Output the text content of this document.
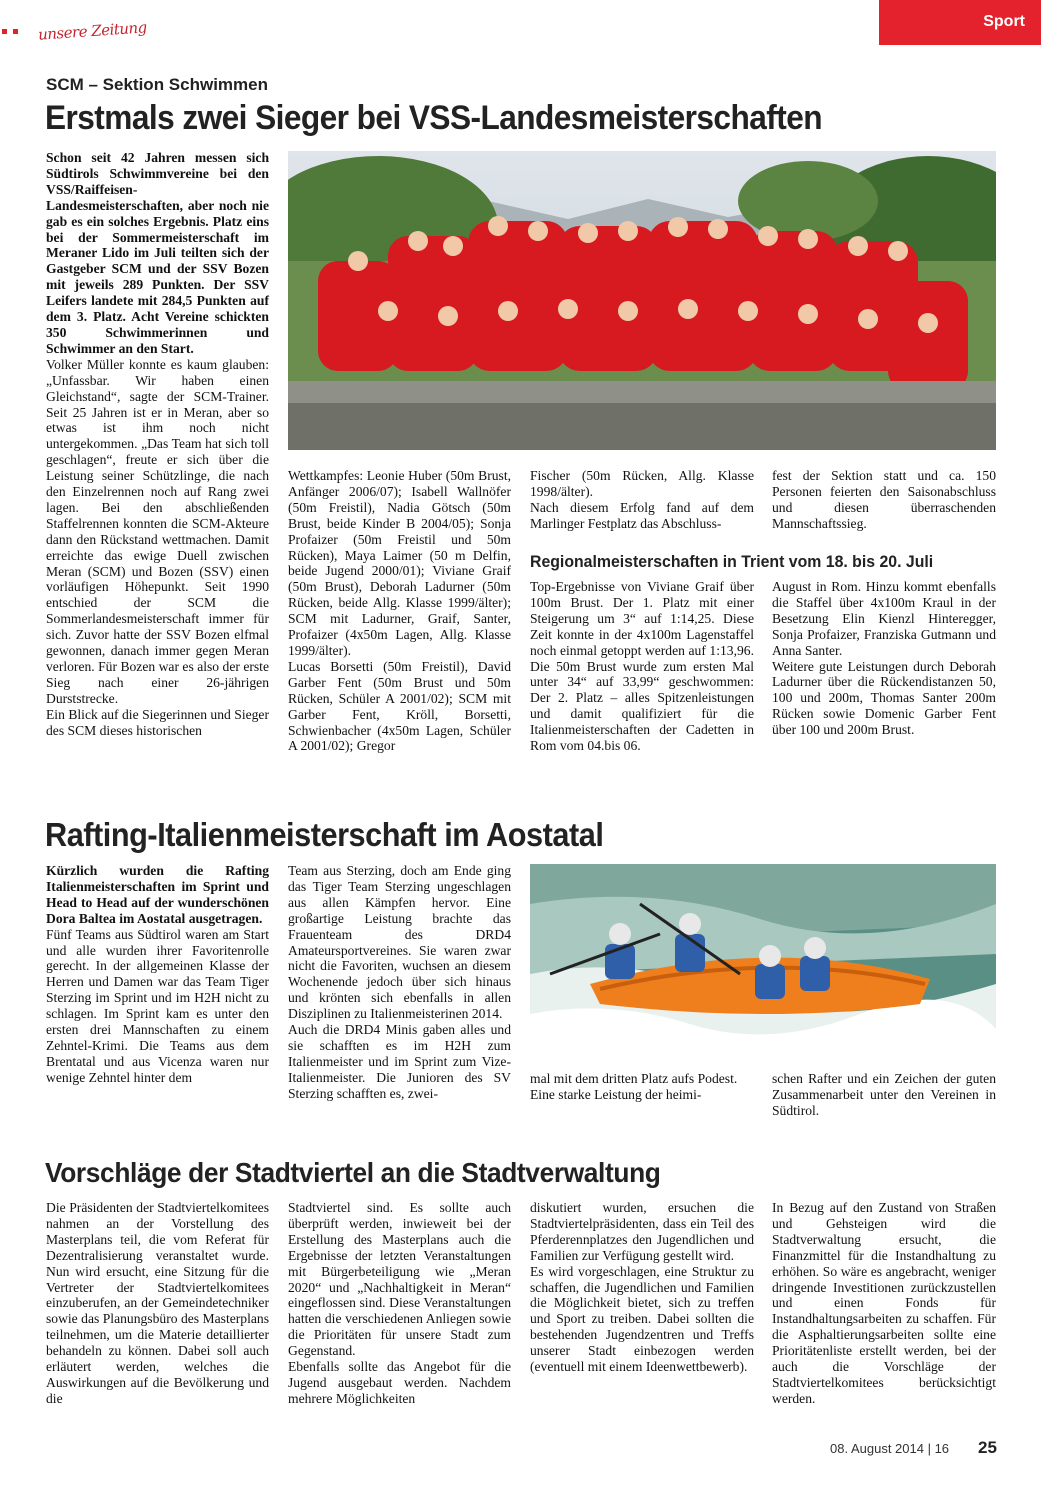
unsere Zeitung	Sport
SCM – Sektion Schwimmen
Erstmals zwei Sieger bei VSS-Landesmeisterschaften

Schon seit 42 Jahren messen sich Südtirols Schwimmvereine bei den VSS/Raiffeisen- Landesmeisterschaften, aber noch nie gab es ein solches Ergebnis. Platz eins bei der Sommermeisterschaft im Meraner Lido im Juli teilten sich der Gastgeber SCM und der SSV Bozen mit jeweils 289 Punkten. Der SSV Leifers landete mit 284,5 Punkten auf dem 3. Platz. Acht Vereine schickten 350 Schwimmerinnen und Schwimmer an den Start.

Volker Müller konnte es kaum glauben: „Unfassbar. Wir haben einen Gleichstand“, sagte der SCM-Trainer. Seit 25 Jahren ist er in Meran, aber so etwas ist ihm noch nicht untergekommen. „Das Team hat sich toll geschlagen“, freute er sich über die Leistung seiner Schützlinge, die nach den Einzelrennen noch auf Rang zwei lagen. Bei den abschließenden Staffelrennen konnten die SCM-Akteure dann den Rückstand wettmachen. Damit erreichte das ewige Duell zwischen Meran (SCM) und Bozen (SSV) einen vorläufigen Höhepunkt. Seit 1990 entschied der SCM die Sommerlandesmeisterschaft immer für sich. Zuvor hatte der SSV Bozen elfmal gewonnen, danach immer gegen Meran verloren. Für Bozen war es also der erste Sieg nach einer 26-jährigen Durststrecke.

Ein Blick auf die Siegerinnen und Sieger des SCM dieses historischen

Wettkampfes: Leonie Huber (50m Brust, Anfänger 2006/07); Isabell Wallnöfer (50m Freistil), Nadia Götsch (50m Brust, beide Kinder B 2004/05); Sonja Profaizer (50m Freistil und 50m Rücken), Maya Laimer (50 m Delfin, beide Jugend 2000/01); Viviane Graif (50m Brust), Deborah Ladurner (50m Rücken, beide Allg. Klasse 1999/älter); SCM mit Ladurner, Graif, Santer, Profaizer (4x50m Lagen, Allg. Klasse 1999/älter).

Lucas Borsetti (50m Freistil), David Garber Fent (50m Brust und 50m Rücken, Schüler A 2001/02); SCM mit Garber Fent, Kröll, Borsetti, Schwienbacher (4x50m Lagen, Schüler A 2001/02); Gregor

Fischer (50m Rücken, Allg. Klasse 1998/älter).

Nach diesem Erfolg fand auf dem Marlinger Festplatz das Abschluss-

fest der Sektion statt und ca. 150 Personen feierten den Saisonabschluss und diesen überraschenden Mannschaftssieg.

Regionalmeisterschaften in Trient vom 18. bis 20. Juli

Top-Ergebnisse von Viviane Graif über 100m Brust. Der 1. Platz mit einer Steigerung um 3“ auf 1:14,25. Diese Zeit konnte in der 4x100m Lagenstaffel noch einmal getoppt werden auf 1:13,96. Die 50m Brust wurde zum ersten Mal unter 34“ auf 33,99“ geschwommen: Der 2. Platz – alles Spitzenleistungen und damit qualifiziert für die Italienmeisterschaften der Cadetten in Rom vom 04.bis 06.

August in Rom. Hinzu kommt ebenfalls die Staffel über 4x100m Kraul in der Besetzung Elin Kienzl Hinteregger, Sonja Profaizer, Franziska Gutmann und Anna Santer.

Weitere gute Leistungen durch Deborah Ladurner über die Rückendistanzen 50, 100 und 200m, Thomas Santer 200m Rücken sowie Domenic Garber Fent über 100 und 200m Brust.

Rafting-Italienmeisterschaft im Aostatal

Kürzlich wurden die Rafting Italienmeisterschaften im Sprint und Head to Head auf der wunderschönen Dora Baltea im Aostatal ausgetragen.

Fünf Teams aus Südtirol waren am Start und alle wurden ihrer Favoritenrolle gerecht. In der allgemeinen Klasse der Herren und Damen war das Team Tiger Sterzing im Sprint und im H2H nicht zu schlagen. Im Sprint kam es unter den ersten drei Mannschaften zu einem Zehntel-Krimi. Die Teams aus dem Brentatal und aus Vicenza waren nur wenige Zehntel hinter dem

Team aus Sterzing, doch am Ende ging das Tiger Team Sterzing ungeschlagen aus allen Kämpfen hervor. Eine großartige Leistung brachte das Frauenteam des DRD4 Amateursportvereines. Sie waren zwar nicht die Favoriten, wuchsen an diesem Wochenende jedoch über sich hinaus und krönten sich ebenfalls in allen Disziplinen zu Italienmeisterinen 2014.

Auch die DRD4 Minis gaben alles und sie schafften es im H2H zum Italienmeister und im Sprint zum Vize-Italienmeister. Die Junioren des SV Sterzing schafften es, zwei-

mal mit dem dritten Platz aufs Podest.

Eine starke Leistung der heimi-

schen Rafter und ein Zeichen der guten Zusammenarbeit unter den Vereinen in Südtirol.

Vorschläge der Stadtviertel an die Stadtverwaltung

Die Präsidenten der Stadtviertelkomitees nahmen an der Vorstellung des Masterplans teil, die vom Referat für Dezentralisierung veranstaltet wurde. Nun wird ersucht, eine Sitzung für die Vertreter der Stadtviertelkomitees einzuberufen, an der Gemeindetechniker sowie das Planungsbüro des Masterplans teilnehmen, um die Materie detaillierter behandeln zu können. Dabei soll auch erläutert werden, welches die Auswirkungen auf die Bevölkerung und die

Stadtviertel sind. Es sollte auch überprüft werden, inwieweit bei der Erstellung des Masterplans auch die Ergebnisse der letzten Veranstaltungen mit Bürgerbeteiligung wie „Meran 2020“ und „Nachhaltigkeit in Meran“ eingeflossen sind. Diese Veranstaltungen hatten die verschiedenen Anliegen sowie die Prioritäten für unsere Stadt zum Gegenstand.

Ebenfalls sollte das Angebot für die Jugend ausgebaut werden. Nachdem mehrere Möglichkeiten

diskutiert wurden, ersuchen die Stadtviertelpräsidenten, dass ein Teil des Pferderennplatzes den Jugendlichen und Familien zur Verfügung gestellt wird.

Es wird vorgeschlagen, eine Struktur zu schaffen, die Jugendlichen und Familien die Möglichkeit bietet, sich zu treffen und Sport zu treiben. Dabei sollten die bestehenden Jugendzentren und Treffs unserer Stadt einbezogen werden (eventuell mit einem Ideenwettbewerb).

In Bezug auf den Zustand von Straßen und Gehsteigen wird die Stadtverwaltung ersucht, die Finanzmittel für die Instandhaltung zu erhöhen. So wäre es angebracht, weniger dringende Investitionen zurückzustellen und einen Fonds für Instandhaltungsarbeiten zu schaffen. Für die Asphaltierungsarbeiten sollte eine Prioritätenliste erstellt werden, bei der auch die Vorschläge der Stadtviertelkomitees berücksichtigt werden.

08. August 2014 | 16 25
